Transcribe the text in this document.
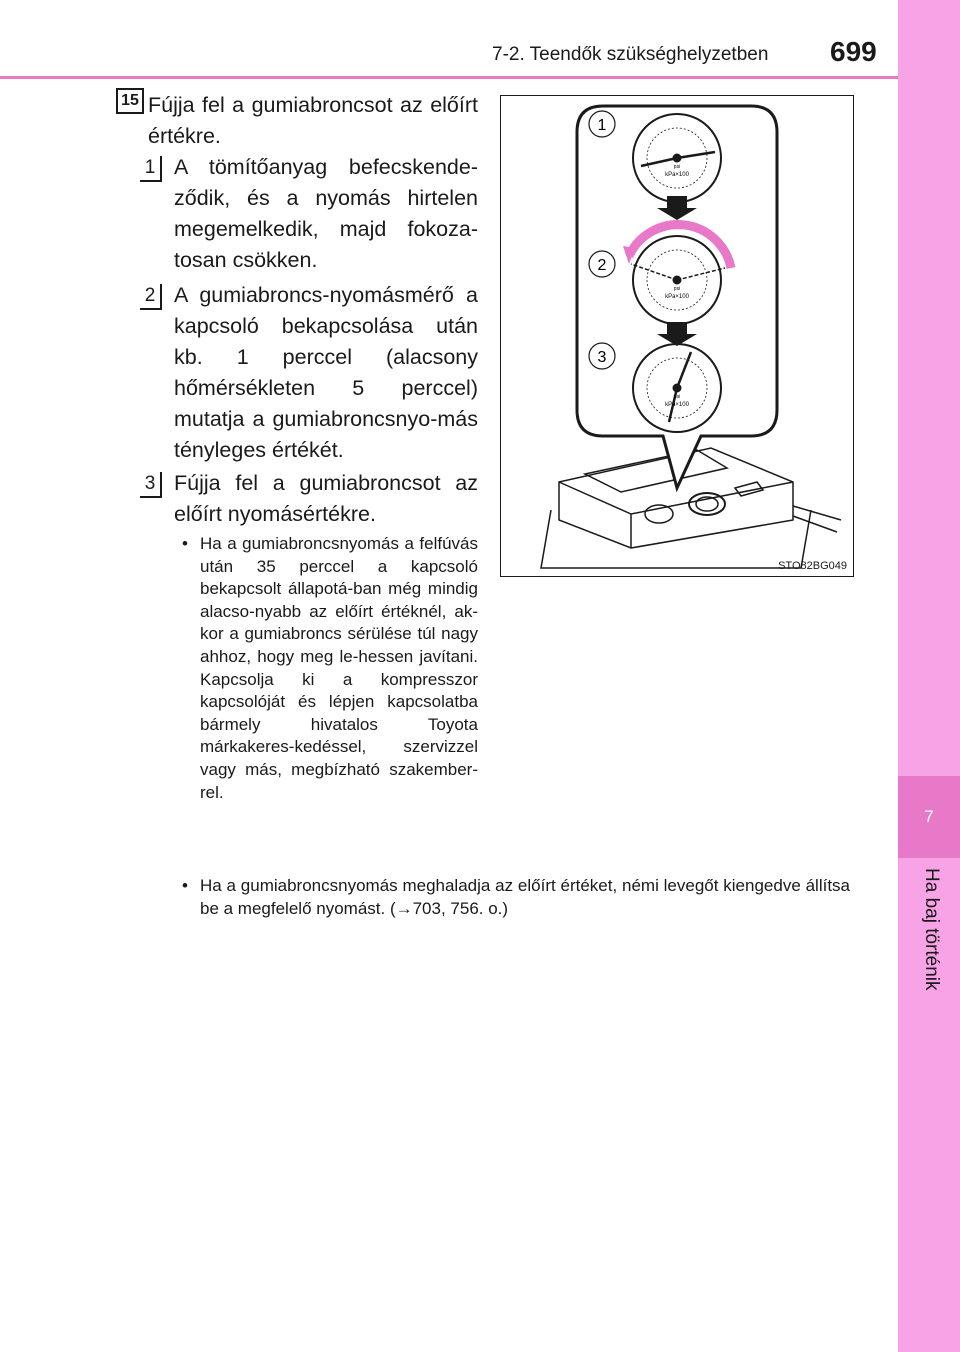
7
Ha baj történik
7-2. Teendők szükséghelyzetben 699
15 Fújja fel a gumiabroncsot az előírt értékre.
1 A tömítőanyag befecskende-ződik, és a nyomás hirtelen megemelkedik, majd fokoza-tosan csökken.
2 A gumiabroncs-nyomásmérő a kapcsoló bekapcsolása után kb. 1 perccel (alacsony hőmérsékleten 5 perccel) mutatja a gumiabroncsnyo-más tényleges értékét.
3 Fújja fel a gumiabroncsot az előírt nyomásértékre.
• Ha a gumiabroncsnyomás a felfúvás után 35 perccel a kapcsoló bekapcsolt állapotá-ban még mindig alacso-nyabb az előírt értéknél, ak-kor a gumiabroncs sérülése túl nagy ahhoz, hogy meg le-hessen javítani. Kapcsolja ki a kompresszor kapcsolóját és lépjen kapcsolatba bármely hivatalos Toyota márkakeres-kedéssel, szervizzel vagy más, megbízható szakember-rel.
• Ha a gumiabroncsnyomás meghaladja az előírt értéket, némi levegőt kiengedve állítsa be a megfelelő nyomást. (→703, 756. o.)
1
2
3
kPa×100
kPa×100
kPa×100
psi
psi
psi
STO82BG049
